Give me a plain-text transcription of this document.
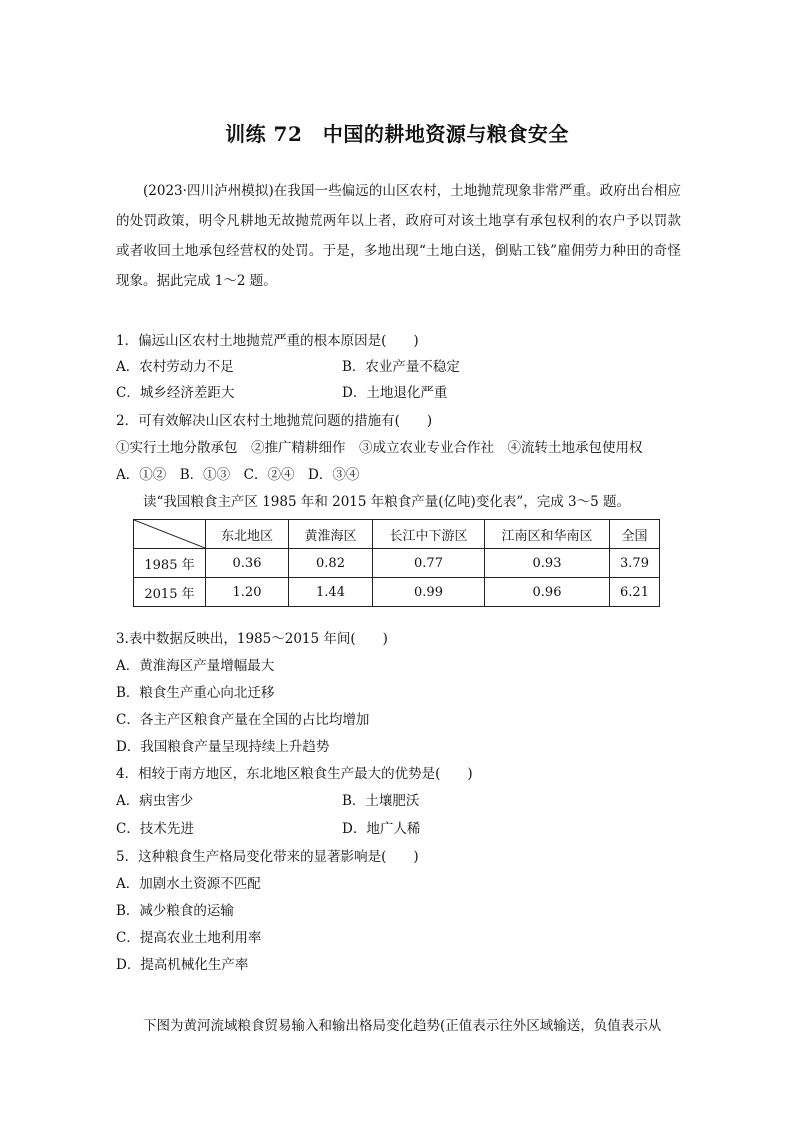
训练 72　中国的耕地资源与粮食安全
(2023·四川泸州模拟)在我国一些偏远的山区农村，土地抛荒现象非常严重。政府出台相应的处罚政策，明令凡耕地无故抛荒两年以上者，政府可对该土地享有承包权利的农户予以罚款或者收回土地承包经营权的处罚。于是，多地出现“土地白送，倒贴工钱”雇佣劳力种田的奇怪现象。据此完成 1～2 题。
1．偏远山区农村土地抛荒严重的根本原因是(　　)
A．农村劳动力不足	B．农业产量不稳定
C．城乡经济差距大	D．土地退化严重
2．可有效解决山区农村土地抛荒问题的措施有(　　)
①实行土地分散承包　②推广精耕细作　③成立农业专业合作社　④流转土地承包使用权
A．①②　B．①③　C．②④　D．③④
读“我国粮食主产区 1985 年和 2015 年粮食产量(亿吨)变化表”，完成 3～5 题。
	东北地区	黄淮海区	长江中下游区	江南区和华南区	全国
1985 年	0.36	0.82	0.77	0.93	3.79
2015 年	1.20	1.44	0.99	0.96	6.21
3.表中数据反映出，1985～2015 年间(　　)
A．黄淮海区产量增幅最大
B．粮食生产重心向北迁移
C．各主产区粮食产量在全国的占比均增加
D．我国粮食产量呈现持续上升趋势
4．相较于南方地区，东北地区粮食生产最大的优势是(　　)
A．病虫害少	B．土壤肥沃
C．技术先进	D．地广人稀
5．这种粮食生产格局变化带来的显著影响是(　　)
A．加剧水土资源不匹配
B．减少粮食的运输
C．提高农业土地利用率
D．提高机械化生产率
下图为黄河流域粮食贸易输入和输出格局变化趋势(正值表示往外区域输送，负值表示从
